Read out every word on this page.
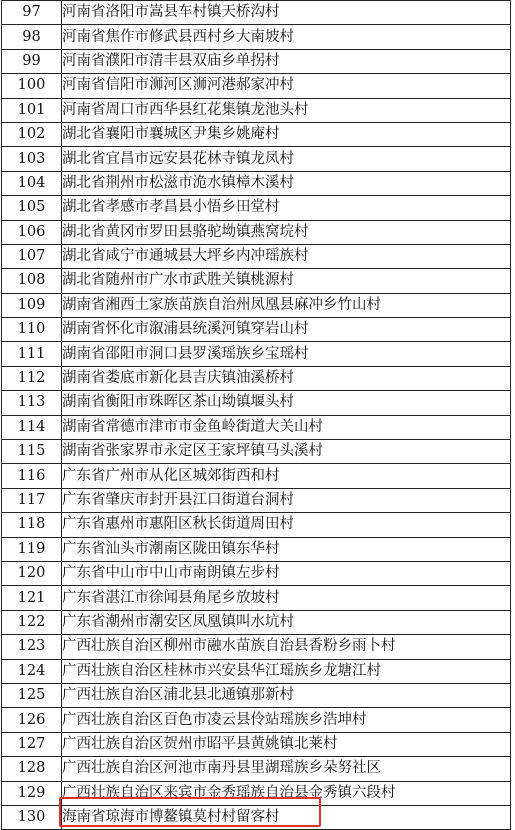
97	河南省洛阳市嵩县车村镇天桥沟村
98	河南省焦作市修武县西村乡大南坡村
99	河南省濮阳市清丰县双庙乡单拐村
100	河南省信阳市浉河区浉河港郝家冲村
101	河南省周口市西华县红花集镇龙池头村
102	湖北省襄阳市襄城区尹集乡姚庵村
103	湖北省宜昌市远安县花林寺镇龙凤村
104	湖北省荆州市松滋市洈水镇樟木溪村
105	湖北省孝感市孝昌县小悟乡田堂村
106	湖北省黄冈市罗田县骆驼坳镇燕窝垸村
107	湖北省咸宁市通城县大坪乡内冲瑶族村
108	湖北省随州市广水市武胜关镇桃源村
109	湖南省湘西土家族苗族自治州凤凰县麻冲乡竹山村
110	湖南省怀化市溆浦县统溪河镇穿岩山村
111	湖南省邵阳市洞口县罗溪瑶族乡宝瑶村
112	湖南省娄底市新化县吉庆镇油溪桥村
113	湖南省衡阳市珠晖区茶山坳镇堰头村
114	湖南省常德市津市市金鱼岭街道大关山村
115	湖南省张家界市永定区王家坪镇马头溪村
116	广东省广州市从化区城郊街西和村
117	广东省肇庆市封开县江口街道台洞村
118	广东省惠州市惠阳区秋长街道周田村
119	广东省汕头市潮南区陇田镇东华村
120	广东省中山市中山市南朗镇左步村
121	广东省湛江市徐闻县角尾乡放坡村
122	广东省潮州市潮安区凤凰镇叫水坑村
123	广西壮族自治区柳州市融水苗族自治县香粉乡雨卜村
124	广西壮族自治区桂林市兴安县华江瑶族乡龙塘江村
125	广西壮族自治区浦北县北通镇那新村
126	广西壮族自治区百色市凌云县伶站瑶族乡浩坤村
127	广西壮族自治区贺州市昭平县黄姚镇北莱村
128	广西壮族自治区河池市南丹县里湖瑶族乡朵努社区
129	广西壮族自治区来宾市金秀瑶族自治县金秀镇六段村
130	海南省琼海市博鳌镇莫村村留客村
